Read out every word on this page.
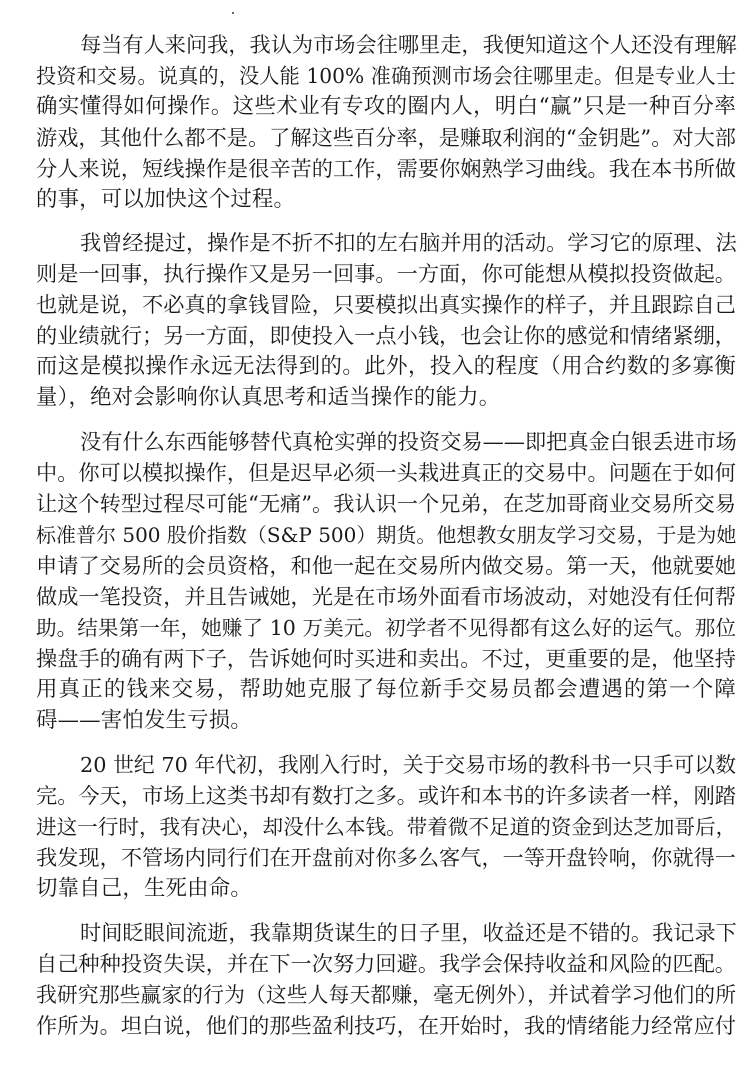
每当有人来问我，我认为市场会往哪里走，我便知道这个人还没有理解
投资和交易。说真的，没人能 100% 准确预测市场会往哪里走。但是专业人士
确实懂得如何操作。这些术业有专攻的圈内人，明白“赢”只是一种百分率
游戏，其他什么都不是。了解这些百分率，是赚取利润的“金钥匙”。对大部
分人来说，短线操作是很辛苦的工作，需要你娴熟学习曲线。我在本书所做
的事，可以加快这个过程。
我曾经提过，操作是不折不扣的左右脑并用的活动。学习它的原理、法
则是一回事，执行操作又是另一回事。一方面，你可能想从模拟投资做起。
也就是说，不必真的拿钱冒险，只要模拟出真实操作的样子，并且跟踪自己
的业绩就行；另一方面，即使投入一点小钱，也会让你的感觉和情绪紧绷，
而这是模拟操作永远无法得到的。此外，投入的程度（用合约数的多寡衡
量），绝对会影响你认真思考和适当操作的能力。
没有什么东西能够替代真枪实弹的投资交易——即把真金白银丢进市场
中。你可以模拟操作，但是迟早必须一头栽进真正的交易中。问题在于如何
让这个转型过程尽可能“无痛”。我认识一个兄弟，在芝加哥商业交易所交易
标准普尔 500 股价指数（S&P 500）期货。他想教女朋友学习交易，于是为她
申请了交易所的会员资格，和他一起在交易所内做交易。第一天，他就要她
做成一笔投资，并且告诫她，光是在市场外面看市场波动，对她没有任何帮
助。结果第一年，她赚了 10 万美元。初学者不见得都有这么好的运气。那位
操盘手的确有两下子，告诉她何时买进和卖出。不过，更重要的是，他坚持
用真正的钱来交易，帮助她克服了每位新手交易员都会遭遇的第一个障
碍——害怕发生亏损。
20 世纪 70 年代初，我刚入行时，关于交易市场的教科书一只手可以数
完。今天，市场上这类书却有数打之多。或许和本书的许多读者一样，刚踏
进这一行时，我有决心，却没什么本钱。带着微不足道的资金到达芝加哥后，
我发现，不管场内同行们在开盘前对你多么客气，一等开盘铃响，你就得一
切靠自己，生死由命。
时间眨眼间流逝，我靠期货谋生的日子里，收益还是不错的。我记录下
自己种种投资失误，并在下一次努力回避。我学会保持收益和风险的匹配。
我研究那些赢家的行为（这些人每天都赚，毫无例外），并试着学习他们的所
作所为。坦白说，他们的那些盈利技巧，在开始时，我的情绪能力经常应付
